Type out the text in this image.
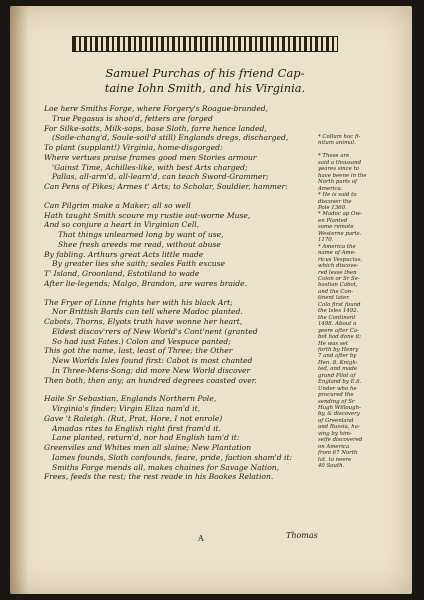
Samuel Purchas of his friend Cap-
taine Iohn Smith, and his Virginia.
Loe here Smiths Forge, where Forgery's Roague-branded,
True Pegasus is shoo'd, fetters are forged
For Silke-sotts, Milk-sops, base Sloth, farre hence landed,
(Soile-chang'd, Soule-soil'd still) Englands dregs, discharged,
To plant (supplant!) Virginia, home-disgorged:
Where vertues praise frames good men Stories armour
'Gainst Time, Achilles-like, with best Arts charged;
Pallas, all-arm'd, all-learn'd, can teach Sword-Grammer;
Can Pens of Pikes; Armes t' Arts; to Scholar, Souldier, hammer:
Can Pilgrim make a Maker; all so well
Hath taught Smith scoure my rustie out-worne Muse,
And so conjure a heart in Virginian Cell,
That things unlearned long by want of use,
Shee fresh areeds me read, without abuse
By fabling. Arthurs great Acts little made
By greater lies she saith; seales Faith excuse
T' Island, Groonland, Estotiland to wade
After lie-legends; Malgo, Brandon, are wares braide.
The Fryer of Linne frights her with his black Art;
Nor Brittish Bards can tell where Madoc planted.
Cabots, Thorns, Elyots truth have wonne her heart,
Eldest discov'rers of New World's Cont'nent (granted
So had iust Fates.) Colon and Vespuce panted;
This got the name, last, least of Three; the Other
New Worlds Isles found first: Cabot is most chanted
In Three-Mens-Song; did more New World discover
Then both, then any; an hundred degrees coasted over.
Haile Sr Sebastian, Englands Northern Pole,
Virginia's finder; Virgin Eliza nam'd it,
Gave 't Raleigh. (Rut, Prat, Hore, I not enrole)
Amadas rites to English right first fram'd it.
Lane planted, return'd, nor had English tam'd it:
Greenviles and Whites men all slaine; New Plantation
Iames founds, Sloth confounds, feare, pride, faction sham'd it:
Smiths Forge mends all, makes chaines for Savage Nation,
Frees, feeds the rest; the rest reade in his Bookes Relation.
* Collum hoc fi-
nitum animal.

* These are
said a thousand
yeares since to
have beene in the
North parts of
America.
* He is said to
discover the
Pole 1360.
* Madoc ap Ow-
en Planted
some remote
Westerne parts.
1170.
* America the
name of Ame-
ricus Vespucius,
which discove-
red lesse then
Colon or Sr Se-
bastian Cabot,
and the Con-
tinent later.
Colo first found
the Isles 1492.
the Continent
1498. About a
yeere after Ca-
bot had done it;
He was set
forth by Henry
7 and after by
Hen. 8. Knigh-
ted, and made
grand Pilot of
England by E.6.
Under who he
procured the
sending of Sr
Hugh Willough-
by, & discovery
of Greenland
and Russia, ha-
ving by him-
selfe discovered
on America
from 67 North
lat. to neere
40 South.
A	Thomas
